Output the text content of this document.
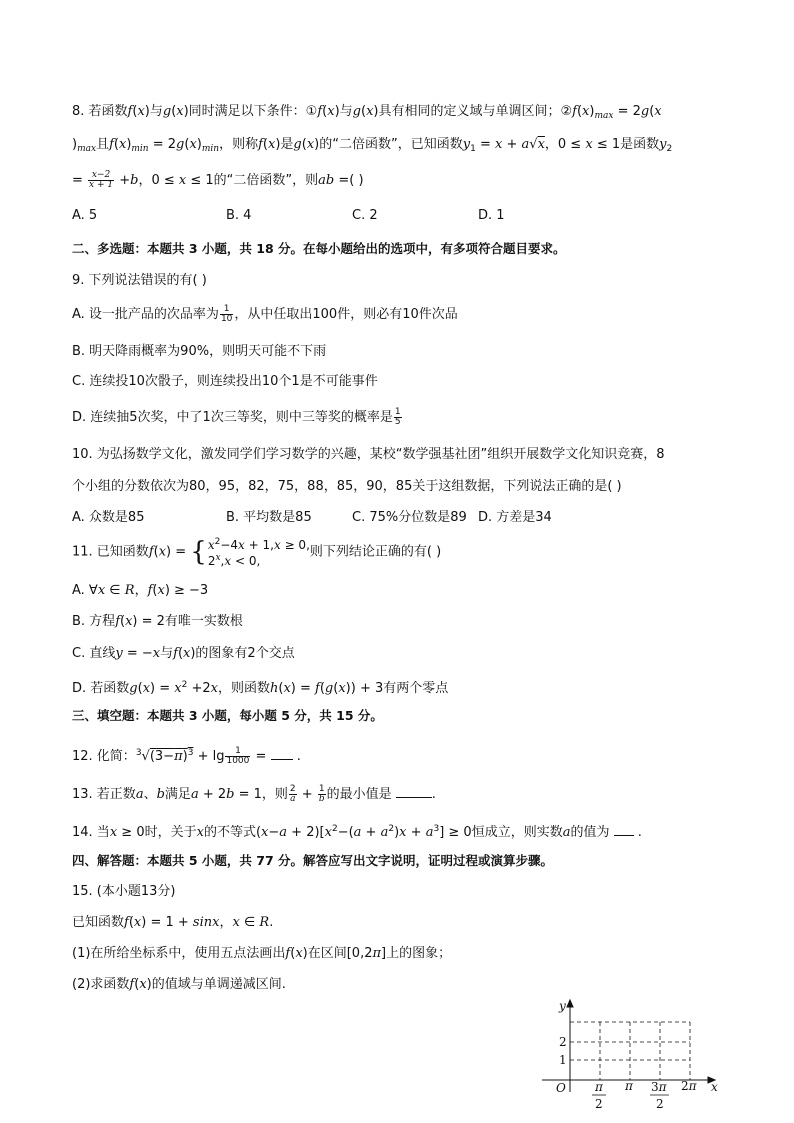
8. 若函数f(x)与g(x)同时满足以下条件：①f(x)与g(x)具有相同的定义域与单调区间；$②f(x)_{max} = 2g(x$
)$_{max}$且$f(x)_{min} = 2g(x)_{min}$，则称f(x)是g(x)的“二倍函数”，已知函数$y_1 = x + a√x$，0 ≤ x ≤ 1是函数$y_2$
= $\frac{x-2}{x + 1} +b$，0 ≤ x ≤ 1的“二倍函数”，则ab =( )
A. 5	B. 4	C. 2	D. 1
二、多选题：本题共 3 小题，共 18 分。在每小题给出的选项中，有多项符合题目要求。
9. 下列说法错误的有( )
A. 设一批产品的次品率为 $\frac{1}{10}$ ，从中任取出100件，则必有10件次品
B. 明天降雨概率为90%，则明天可能不下雨
C. 连续投10次骰子，则连续投出10个1是不可能事件
D. 连续抽5次奖，中了1次三等奖，则中三等奖的概率是 $\frac{1}{5}$
10. 为弘扬数学文化，激发同学们学习数学的兴趣，某校“数学强基社团”组织开展数学文化知识竞赛，8
个小组的分数依次为80，95，82，75，88，85，90，85关于这组数据，下列说法正确的是( )
A. 众数是85	B. 平均数是85	C. 75%分位数是89 D. 方差是34
11. 已知函数f(x) = { $x^2-4x + 1,x \ge 0$,
$2^x,x < 0$,
则下列结论正确的有( )
A. ∀x ∈ R，f(x) ≥ −3
B. 方程f(x) = 2有唯一实数根
C. 直线y = −x与f(x)的图象有2个交点
D. 若函数$g(x) = x^2 +2x$，则函数h(x) = f(g(x)) + 3有两个零点
三、填空题：本题共 3 小题，每小题 5 分，共 15 分。
12. 化简：$^3√(3-\pi)^3 + \lg \frac{1}{1000}$ =  .
13. 若正数a、b满足a + 2b = 1，则 $\frac{2}{a} + \frac{1}{b}$ 的最小值是	.
14. 当x ≥ 0时，关于x的不等式$(x-a + 2)[x^2-(a + a^2)x + a^3] \ge 0$恒成立，则实数a的值为  .
四、解答题：本题共 5 小题，共 77 分。解答应写出文字说明，证明过程或演算步骤。
15. (本小题13分)
已知函数f(x) = 1 + sinx，x ∈ R.
(1)在所给坐标系中，使用五点法画出f(x)在区间[0,2π]上的图象；
(2)求函数f(x)的值域与单调递减区间.
y
x
O
1
2
π
2
π 3π
2
2π
